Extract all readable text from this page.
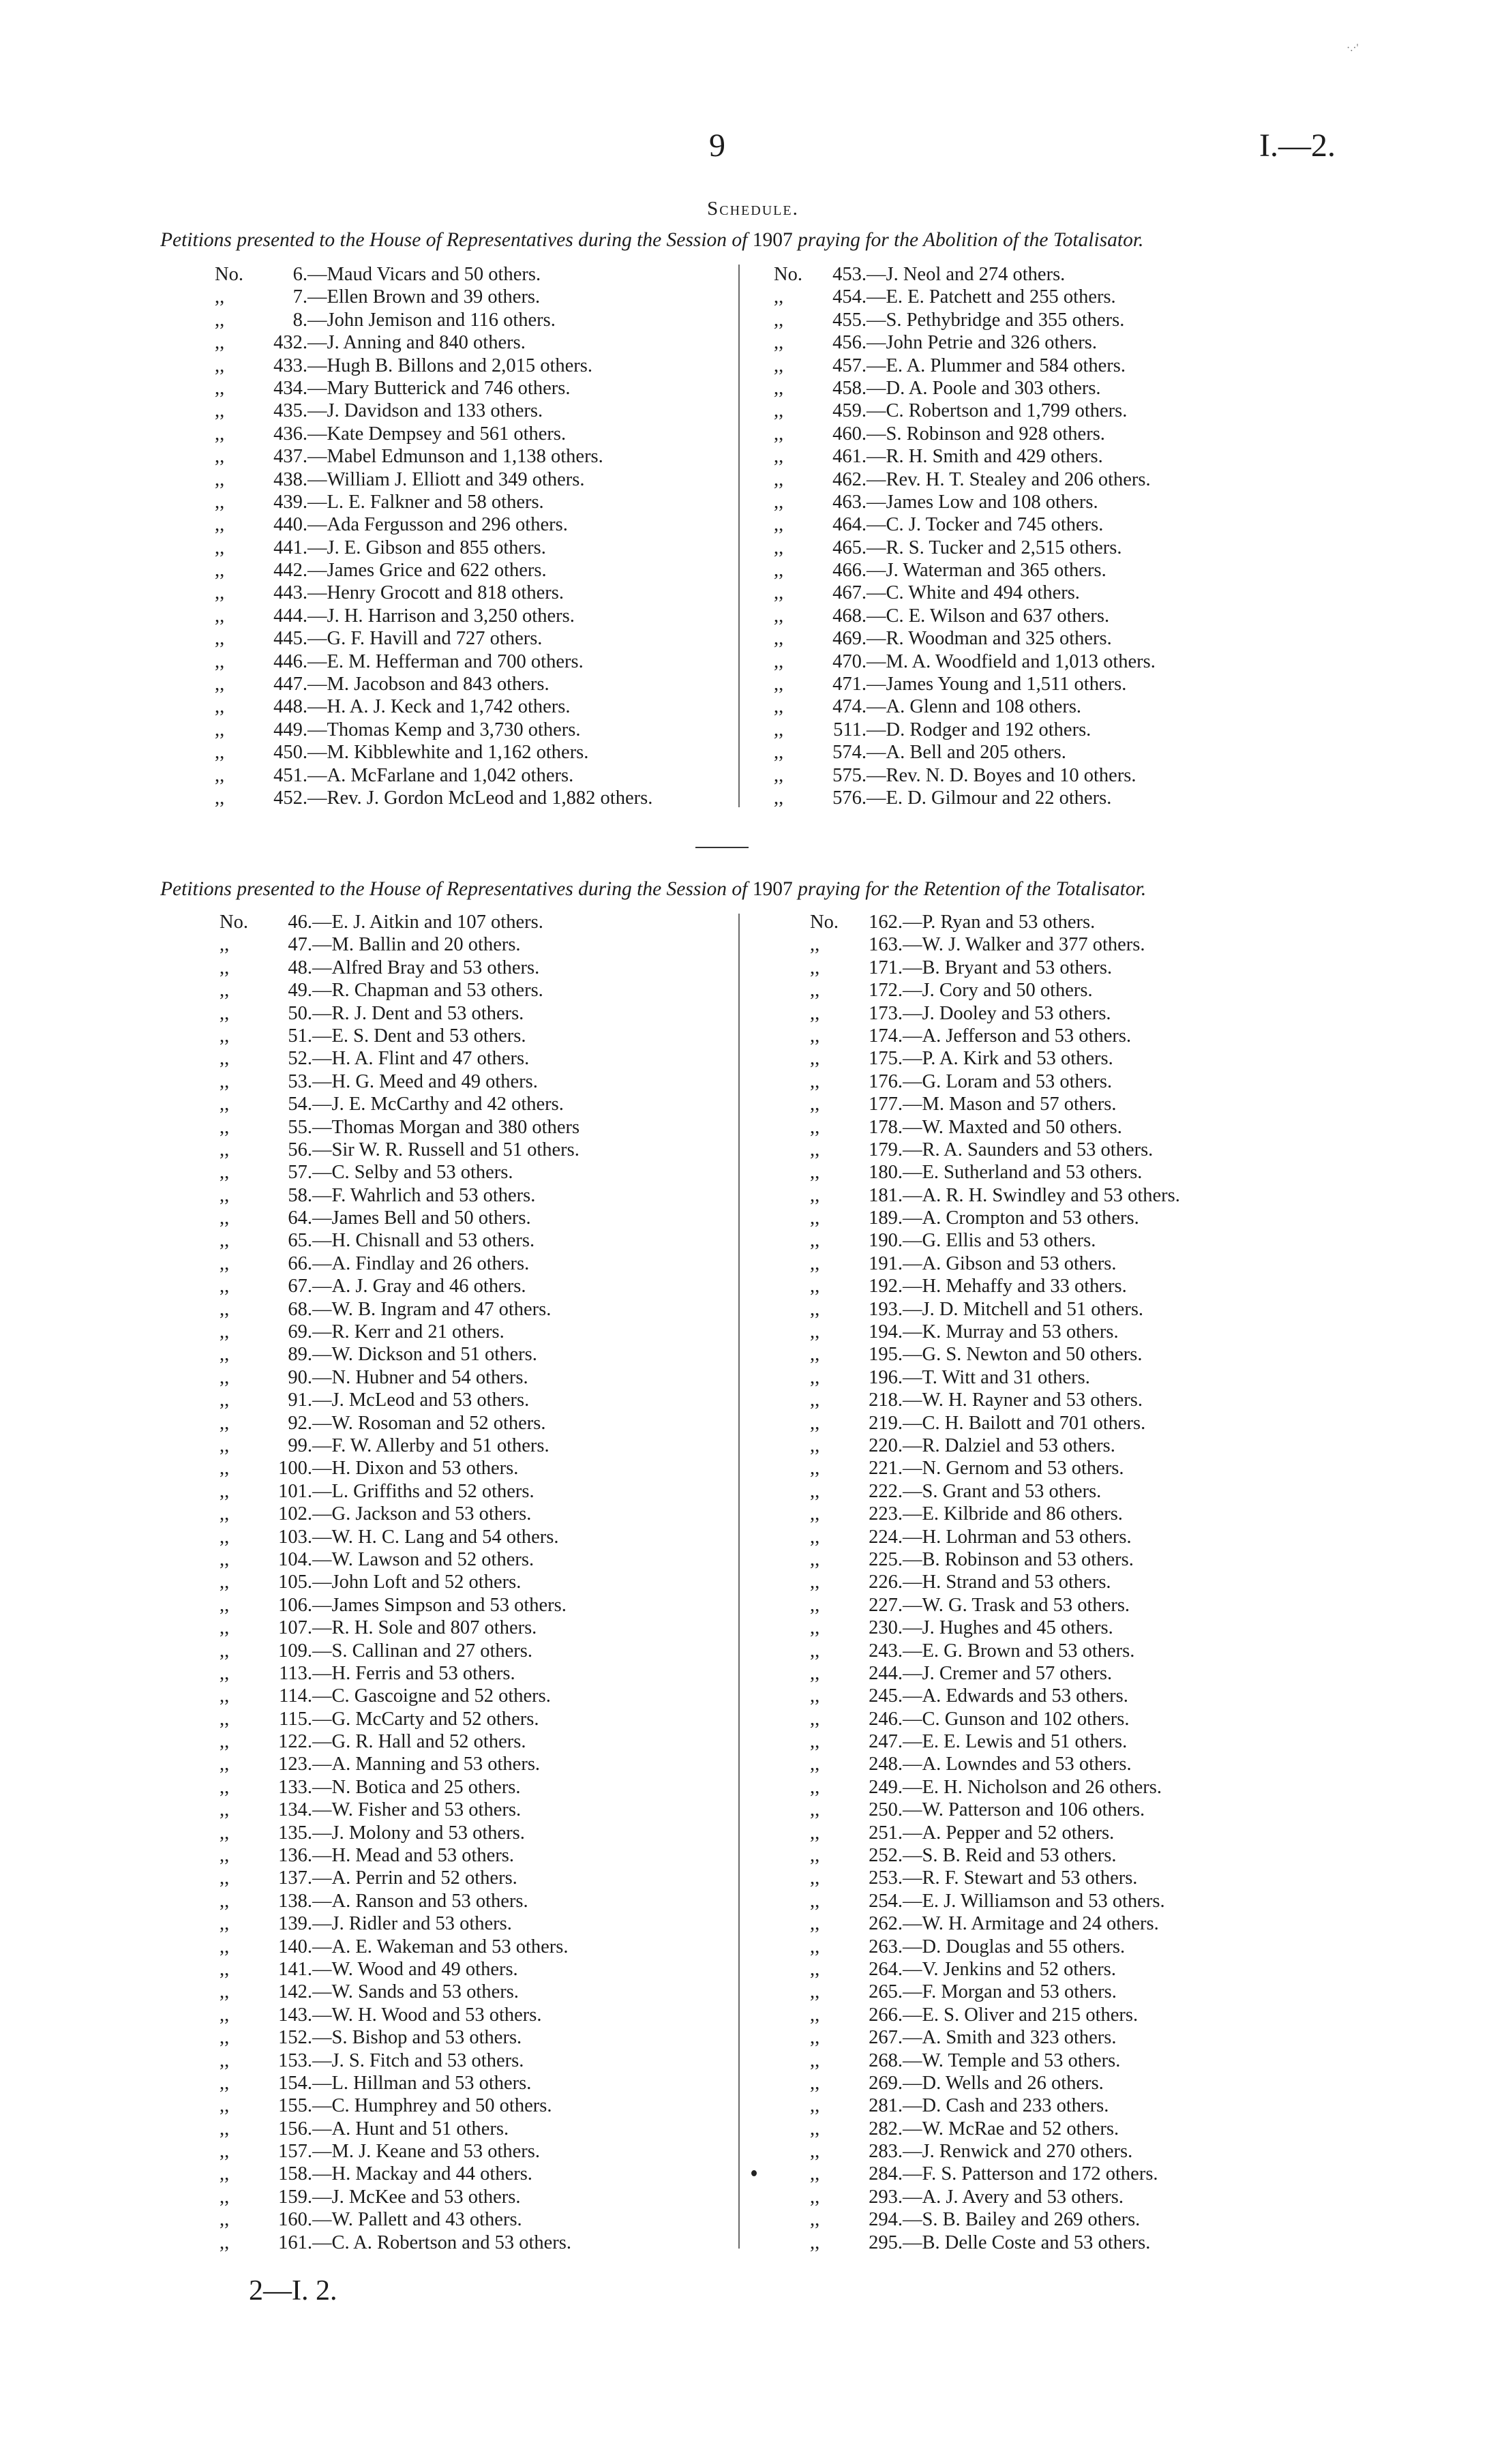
·.·'
9	I.—2.
Schedule.
Petitions presented to the House of Representatives during the Session of 1907 praying for the Abolition of the Totalisator.
No.	6.—Maud Vicars and 50 others.
,,	7.—Ellen Brown and 39 others.
,,	8.—John Jemison and 116 others.
,,	432.—J. Anning and 840 others.
,,	433.—Hugh B. Billons and 2,015 others.
,,	434.—Mary Butterick and 746 others.
,,	435.—J. Davidson and 133 others.
,,	436.—Kate Dempsey and 561 others.
,,	437.—Mabel Edmunson and 1,138 others.
,,	438.—William J. Elliott and 349 others.
,,	439.—L. E. Falkner and 58 others.
,,	440.—Ada Fergusson and 296 others.
,,	441.—J. E. Gibson and 855 others.
,,	442.—James Grice and 622 others.
,,	443.—Henry Grocott and 818 others.
,,	444.—J. H. Harrison and 3,250 others.
,,	445.—G. F. Havill and 727 others.
,,	446.—E. M. Hefferman and 700 others.
,,	447.—M. Jacobson and 843 others.
,,	448.—H. A. J. Keck and 1,742 others.
,,	449.—Thomas Kemp and 3,730 others.
,,	450.—M. Kibblewhite and 1,162 others.
,,	451.—A. McFarlane and 1,042 others.
,,	452.—Rev. J. Gordon McLeod and 1,882 others.
No. 453.—J. Neol and 274 others.
,,	454.—E. E. Patchett and 255 others.
,,	455.—S. Pethybridge and 355 others.
,,	456.—John Petrie and 326 others.
,,	457.—E. A. Plummer and 584 others.
,,	458.—D. A. Poole and 303 others.
,,	459.—C. Robertson and 1,799 others.
,,	460.—S. Robinson and 928 others.
,,	461.—R. H. Smith and 429 others.
,,	462.—Rev. H. T. Stealey and 206 others.
,,	463.—James Low and 108 others.
,,	464.—C. J. Tocker and 745 others.
,,	465.—R. S. Tucker and 2,515 others.
,,	466.—J. Waterman and 365 others.
,,	467.—C. White and 494 others.
,,	468.—C. E. Wilson and 637 others.
,,	469.—R. Woodman and 325 others.
,,	470.—M. A. Woodfield and 1,013 others.
,,	471.—James Young and 1,511 others.
,,	474.—A. Glenn and 108 others.
,,	511.—D. Rodger and 192 others.
,,	574.—A. Bell and 205 others.
,,	575.—Rev. N. D. Boyes and 10 others.
,,	576.—E. D. Gilmour and 22 others.
Petitions presented to the House of Representatives during the Session of 1907 praying for the Retention of the Totalisator.
No. 46.—E. J. Aitkin and 107 others.
,,	47.—M. Ballin and 20 others.
,,	48.—Alfred Bray and 53 others.
,,	49.—R. Chapman and 53 others.
,,	50.—R. J. Dent and 53 others.
,,	51.—E. S. Dent and 53 others.
,,	52.—H. A. Flint and 47 others.
,,	53.—H. G. Meed and 49 others.
,,	54.—J. E. McCarthy and 42 others.
,,	55.—Thomas Morgan and 380 others
,,	56.—Sir W. R. Russell and 51 others.
,,	57.—C. Selby and 53 others.
,,	58.—F. Wahrlich and 53 others.
,,	64.—James Bell and 50 others.
,,	65.—H. Chisnall and 53 others.
,,	66.—A. Findlay and 26 others.
,,	67.—A. J. Gray and 46 others.
,,	68.—W. B. Ingram and 47 others.
,,	69.—R. Kerr and 21 others.
,,	89.—W. Dickson and 51 others.
,,	90.—N. Hubner and 54 others.
,,	91.—J. McLeod and 53 others.
,,	92.—W. Rosoman and 52 others.
,,	99.—F. W. Allerby and 51 others.
,,	100.—H. Dixon and 53 others.
,,	101.—L. Griffiths and 52 others.
,,	102.—G. Jackson and 53 others.
,,	103.—W. H. C. Lang and 54 others.
,,	104.—W. Lawson and 52 others.
,,	105.—John Loft and 52 others.
,,	106.—James Simpson and 53 others.
,,	107.—R. H. Sole and 807 others.
,,	109.—S. Callinan and 27 others.
,,	113.—H. Ferris and 53 others.
,,	114.—C. Gascoigne and 52 others.
,,	115.—G. McCarty and 52 others.
,,	122.—G. R. Hall and 52 others.
,,	123.—A. Manning and 53 others.
,,	133.—N. Botica and 25 others.
,,	134.—W. Fisher and 53 others.
,,	135.—J. Molony and 53 others.
,,	136.—H. Mead and 53 others.
,,	137.—A. Perrin and 52 others.
,,	138.—A. Ranson and 53 others.
,,	139.—J. Ridler and 53 others.
,,	140.—A. E. Wakeman and 53 others.
,,	141.—W. Wood and 49 others.
,,	142.—W. Sands and 53 others.
,,	143.—W. H. Wood and 53 others.
,,	152.—S. Bishop and 53 others.
,,	153.—J. S. Fitch and 53 others.
,,	154.—L. Hillman and 53 others.
,,	155.—C. Humphrey and 50 others.
,,	156.—A. Hunt and 51 others.
,,	157.—M. J. Keane and 53 others.
,,	158.—H. Mackay and 44 others.
,,	159.—J. McKee and 53 others.
,,	160.—W. Pallett and 43 others.
,,	161.—C. A. Robertson and 53 others.
No. 162.—P. Ryan and 53 others.
,,	163.—W. J. Walker and 377 others.
,,	171.—B. Bryant and 53 others.
,,	172.—J. Cory and 50 others.
,,	173.—J. Dooley and 53 others.
,,	174.—A. Jefferson and 53 others.
,,	175.—P. A. Kirk and 53 others.
,,	176.—G. Loram and 53 others.
,,	177.—M. Mason and 57 others.
,,	178.—W. Maxted and 50 others.
,,	179.—R. A. Saunders and 53 others.
,,	180.—E. Sutherland and 53 others.
,,	181.—A. R. H. Swindley and 53 others.
,,	189.—A. Crompton and 53 others.
,,	190.—G. Ellis and 53 others.
,,	191.—A. Gibson and 53 others.
,,	192.—H. Mehaffy and 33 others.
,,	193.—J. D. Mitchell and 51 others.
,,	194.—K. Murray and 53 others.
,,	195.—G. S. Newton and 50 others.
,,	196.—T. Witt and 31 others.
,,	218.—W. H. Rayner and 53 others.
,,	219.—C. H. Bailott and 701 others.
,,	220.—R. Dalziel and 53 others.
,,	221.—N. Gernom and 53 others.
,,	222.—S. Grant and 53 others.
,,	223.—E. Kilbride and 86 others.
,,	224.—H. Lohrman and 53 others.
,,	225.—B. Robinson and 53 others.
,,	226.—H. Strand and 53 others.
,,	227.—W. G. Trask and 53 others.
,,	230.—J. Hughes and 45 others.
,,	243.—E. G. Brown and 53 others.
,,	244.—J. Cremer and 57 others.
,,	245.—A. Edwards and 53 others.
,,	246.—C. Gunson and 102 others.
,,	247.—E. E. Lewis and 51 others.
,,	248.—A. Lowndes and 53 others.
,,	249.—E. H. Nicholson and 26 others.
,,	250.—W. Patterson and 106 others.
,,	251.—A. Pepper and 52 others.
,,	252.—S. B. Reid and 53 others.
,,	253.—R. F. Stewart and 53 others.
,,	254.—E. J. Williamson and 53 others.
,,	262.—W. H. Armitage and 24 others.
,,	263.—D. Douglas and 55 others.
,,	264.—V. Jenkins and 52 others.
,,	265.—F. Morgan and 53 others.
,,	266.—E. S. Oliver and 215 others.
,,	267.—A. Smith and 323 others.
,,	268.—W. Temple and 53 others.
,,	269.—D. Wells and 26 others.
,,	281.—D. Cash and 233 others.
,,	282.—W. McRae and 52 others.
,,	283.—J. Renwick and 270 others.
,,	284.—F. S. Patterson and 172 others.
,,	293.—A. J. Avery and 53 others.
,,	294.—S. B. Bailey and 269 others.
,,	295.—B. Delle Coste and 53 others.
2—I. 2.
